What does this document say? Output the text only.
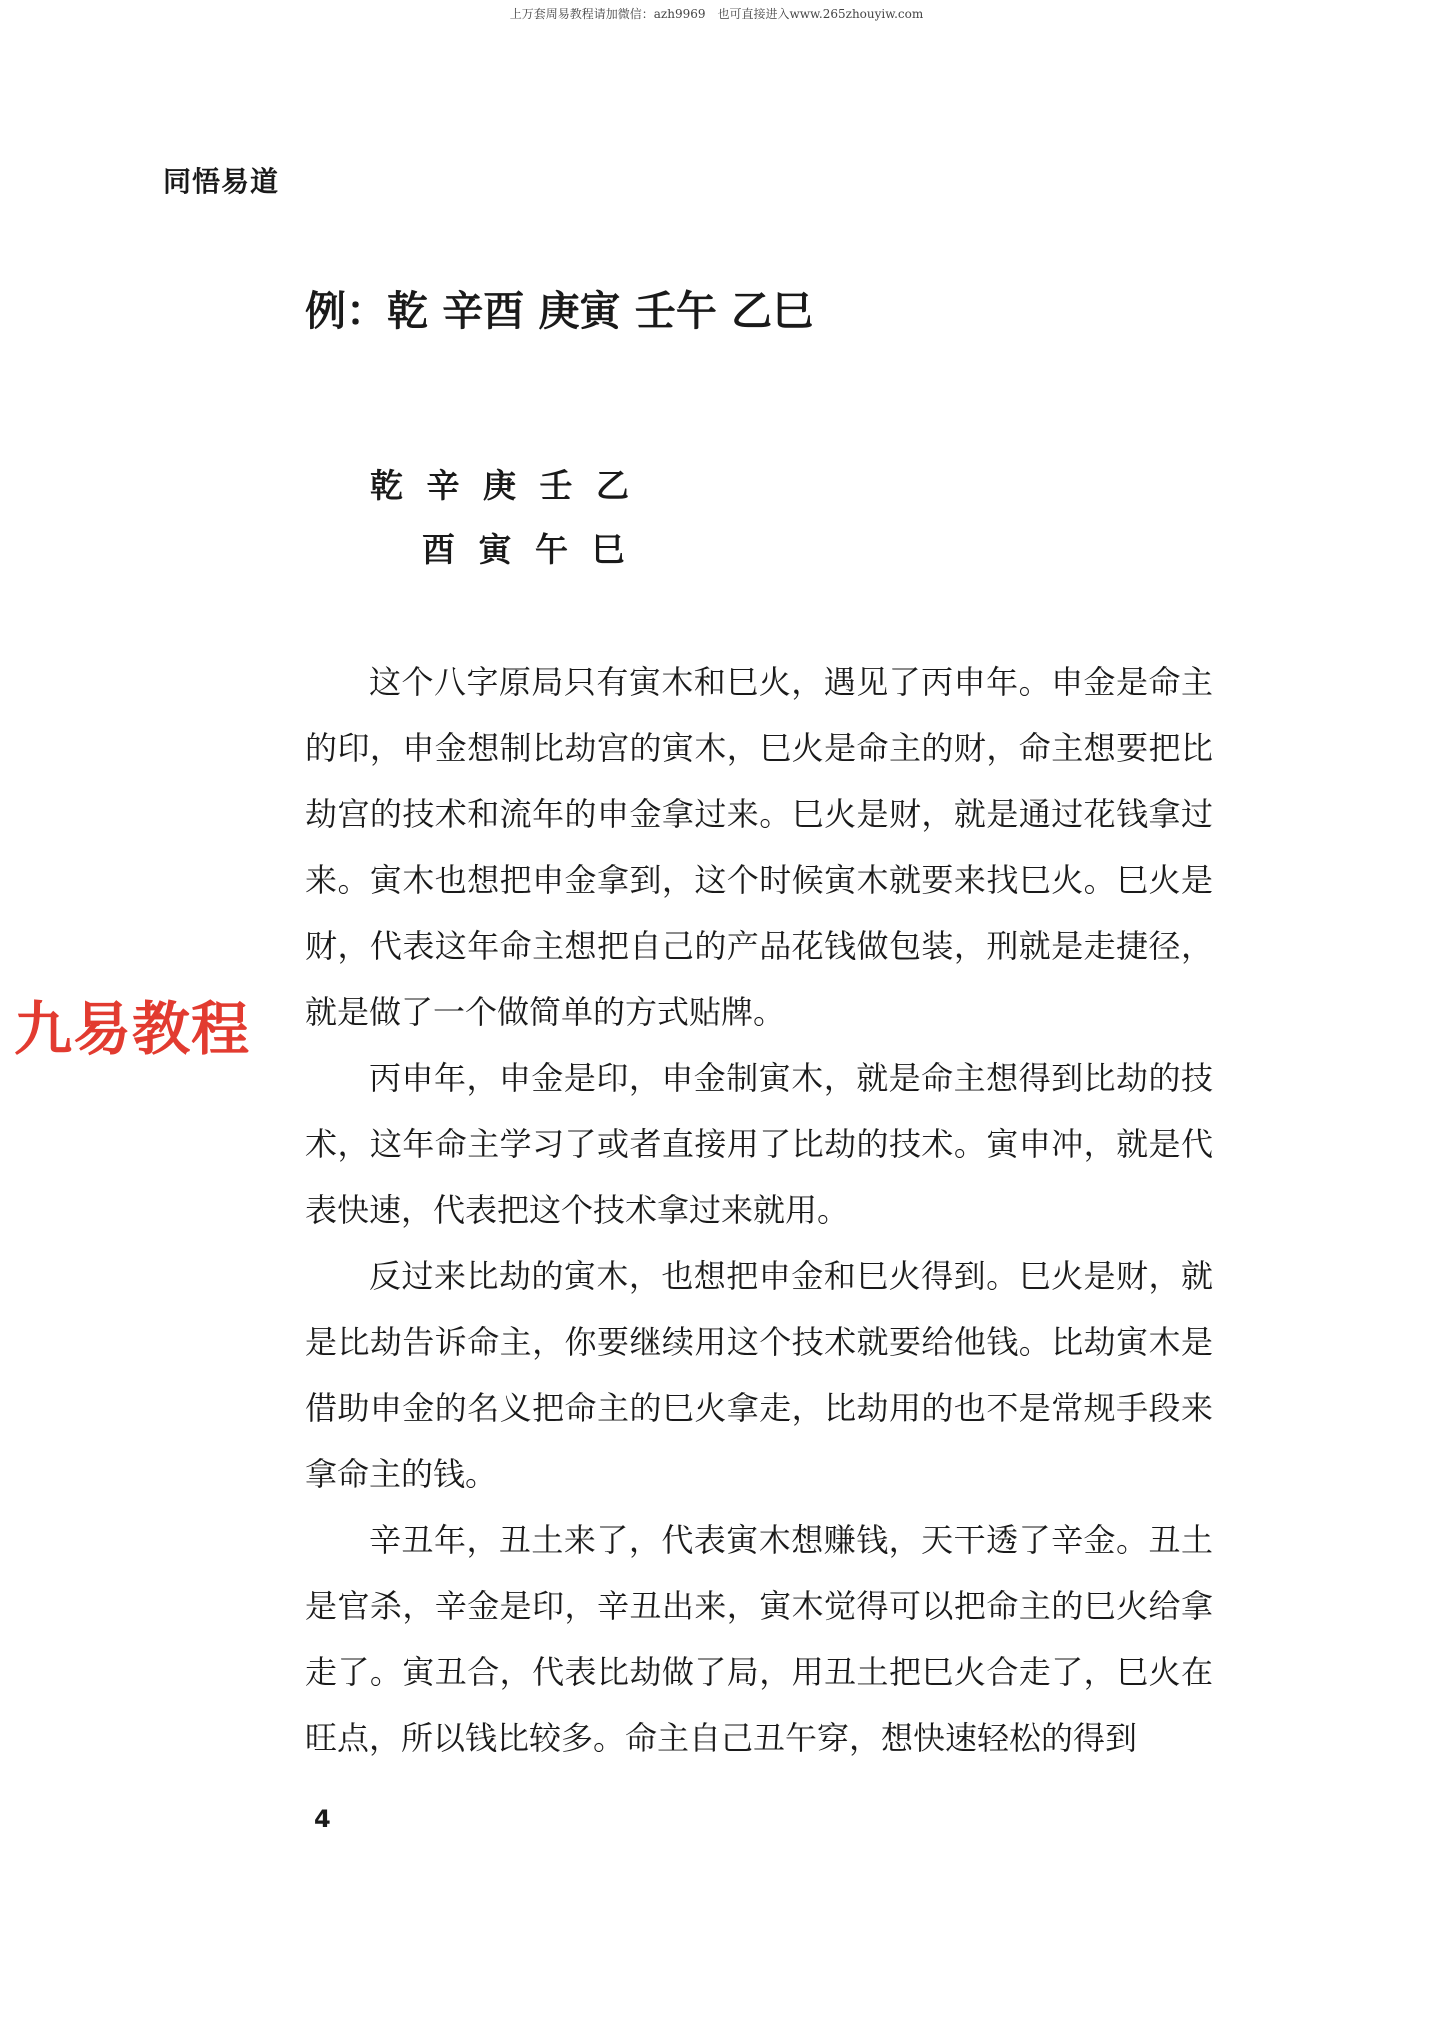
上万套周易教程请加微信：azh9969　也可直接进入www.265zhouyiw.com
同悟易道
例：乾 辛酉 庚寅 壬午 乙巳
乾 辛 庚 壬 乙
酉 寅 午 巳

这个八字原局只有寅木和巳火，遇见了丙申年。申金是命主的印，申金想制比劫宫的寅木，巳火是命主的财，命主想要把比劫宫的技术和流年的申金拿过来。巳火是财，就是通过花钱拿过来。寅木也想把申金拿到，这个时候寅木就要来找巳火。巳火是财，代表这年命主想把自己的产品花钱做包装，刑就是走捷径，就是做了一个做简单的方式贴牌。

丙申年，申金是印，申金制寅木，就是命主想得到比劫的技术，这年命主学习了或者直接用了比劫的技术。寅申冲，就是代表快速，代表把这个技术拿过来就用。

反过来比劫的寅木，也想把申金和巳火得到。巳火是财，就是比劫告诉命主，你要继续用这个技术就要给他钱。比劫寅木是借助申金的名义把命主的巳火拿走，比劫用的也不是常规手段来拿命主的钱。

辛丑年，丑土来了，代表寅木想赚钱，天干透了辛金。丑土是官杀，辛金是印，辛丑出来，寅木觉得可以把命主的巳火给拿走了。寅丑合，代表比劫做了局，用丑土把巳火合走了，巳火在旺点，所以钱比较多。命主自己丑午穿，想快速轻松的得到

九易教程
4
